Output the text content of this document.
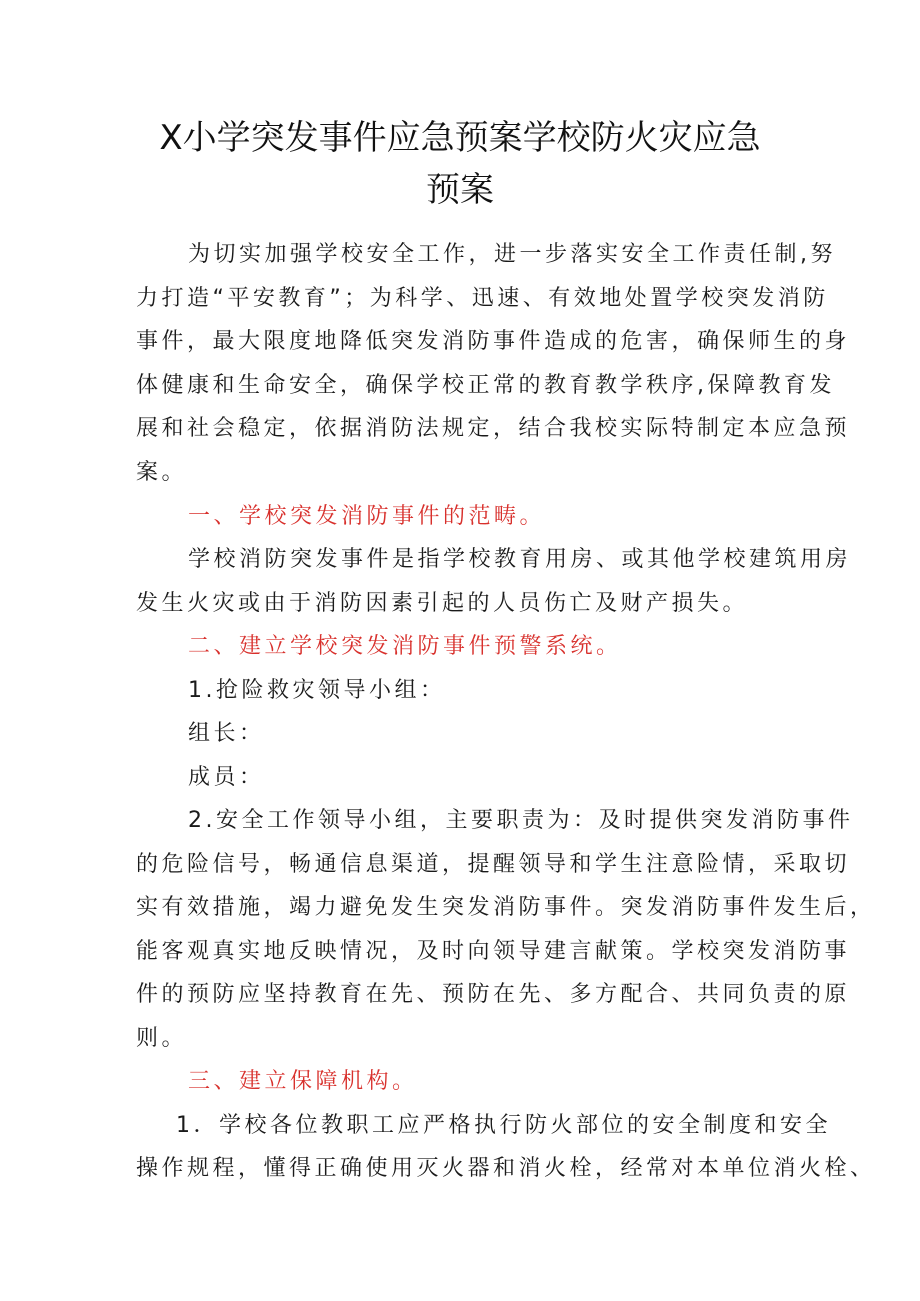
X小学突发事件应急预案学校防火灾应急
预案
为切实加强学校安全工作，进一步落实安全工作责任制,努
力打造“平安教育”；为科学、迅速、有效地处置学校突发消防
事件，最大限度地降低突发消防事件造成的危害，确保师生的身
体健康和生命安全，确保学校正常的教育教学秩序,保障教育发
展和社会稳定，依据消防法规定，结合我校实际特制定本应急预
案。
一、学校突发消防事件的范畴。
学校消防突发事件是指学校教育用房、或其他学校建筑用房
发生火灾或由于消防因素引起的人员伤亡及财产损失。
二、建立学校突发消防事件预警系统。
1.抢险救灾领导小组：
组长：
成员：
2.安全工作领导小组，主要职责为：及时提供突发消防事件
的危险信号，畅通信息渠道，提醒领导和学生注意险情，采取切
实有效措施，竭力避免发生突发消防事件。突发消防事件发生后，
能客观真实地反映情况，及时向领导建言献策。学校突发消防事
件的预防应坚持教育在先、预防在先、多方配合、共同负责的原
则。
三、建立保障机构。
1．学校各位教职工应严格执行防火部位的安全制度和安全
操作规程，懂得正确使用灭火器和消火栓，经常对本单位消火栓、
